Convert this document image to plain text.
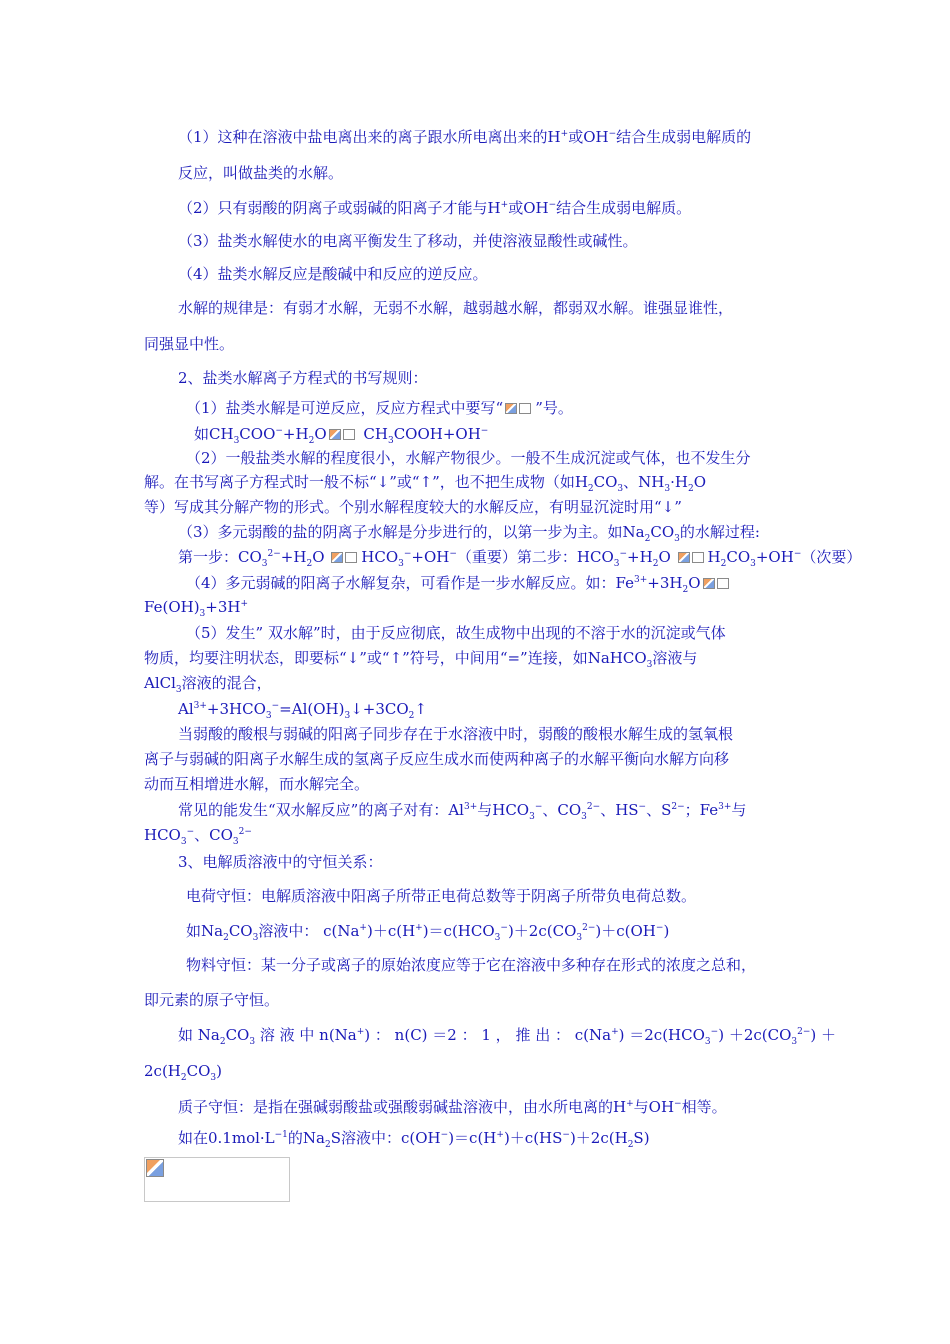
（1）这种在溶液中盐电离出来的离子跟水所电离出来的H+或OH−结合生成弱电解质的
反应，叫做盐类的水解。
（2）只有弱酸的阴离子或弱碱的阳离子才能与H+或OH−结合生成弱电解质。
（3）盐类水解使水的电离平衡发生了移动，并使溶液显酸性或碱性。
（4）盐类水解反应是酸碱中和反应的逆反应。
水解的规律是：有弱才水解，无弱不水解，越弱越水解，都弱双水解。谁强显谁性，
同强显中性。
2、盐类水解离子方程式的书写规则：
（1）盐类水解是可逆反应，反应方程式中要写“ ”号。
如$CH_3COO^-+H_2O$
$CH_3COOH+OH^-$
（2）一般盐类水解的程度很小，水解产物很少。一般不生成沉淀或气体，也不发生分
解。在书写离子方程式时一般不标“↓”或“↑”，也不把生成物（如$H_2CO_3$、$NH_3\cdot H_2O$
等）写成其分解产物的形式。个别水解程度较大的水解反应，有明显沉淀时用“↓”
（3）多元弱酸的盐的阴离子水解是分步进行的，以第一步为主。如$Na_2CO_3$的水解过程:
第一步：$CO_3^{2-}+H_2O$
$HCO_3^-+OH^-$（重要）第二步：$HCO_3^-+H_2O$
$H_2CO_3+OH^-$（次要）
（4）多元弱碱的阳离子水解复杂，可看作是一步水解反应。如：$Fe^{3+}+3H_2O$
$Fe(OH)_3+3H^+$
（5）发生” 双水解”时，由于反应彻底，故生成物中出现的不溶于水的沉淀或气体
物质，均要注明状态，即要标“↓”或“↑”符号，中间用“=”连接，如NaHCO$_3$溶液与
AlCl$_3$溶液的混合，
$Al^{3+}+3HCO_3^-=Al(OH)_3↓+3CO_2↑$
当弱酸的酸根与弱碱的阳离子同步存在于水溶液中时，弱酸的酸根水解生成的氢氧根
离子与弱碱的阳离子水解生成的氢离子反应生成水而使两种离子的水解平衡向水解方向移
动而互相增进水解，而水解完全。
常见的能发生“双水解反应”的离子对有：$Al^{3+}$与$HCO_3^-$、$CO_3^{2-}$、HS−、$S^{2-}$；$Fe^{3+}$与
$HCO_3^-$、$CO_3^{2-}$
3、电解质溶液中的守恒关系：
电荷守恒：电解质溶液中阳离子所带正电荷总数等于阴离子所带负电荷总数。
如$Na_2CO_3$溶液中： $c(Na^+)+c(H^+)=c(HCO_3^-)+2c(CO_3^{2-})+c(OH^-)$
物料守恒：某一分子或离子的原始浓度应等于它在溶液中多种存在形式的浓度之总和，
即元素的原子守恒。
如 $Na_2CO_3$ 溶 液 中 n(Na+) ： n(C) ＝2 ： 1 ， 推 出 ： $c(Na^+) =2c(HCO_3^-) +2c(CO_3^{2-})$ ＋
$2c(H_2CO_3)$
质子守恒：是指在强碱弱酸盐或强酸弱碱盐溶液中，由水所电离的H+与OH−相等。
如在$0.1mol\cdot L^{-1}$的$Na_2S$溶液中：$c(OH^-)=c(H^+)+c(HS^-)+2c(H_2S)$
